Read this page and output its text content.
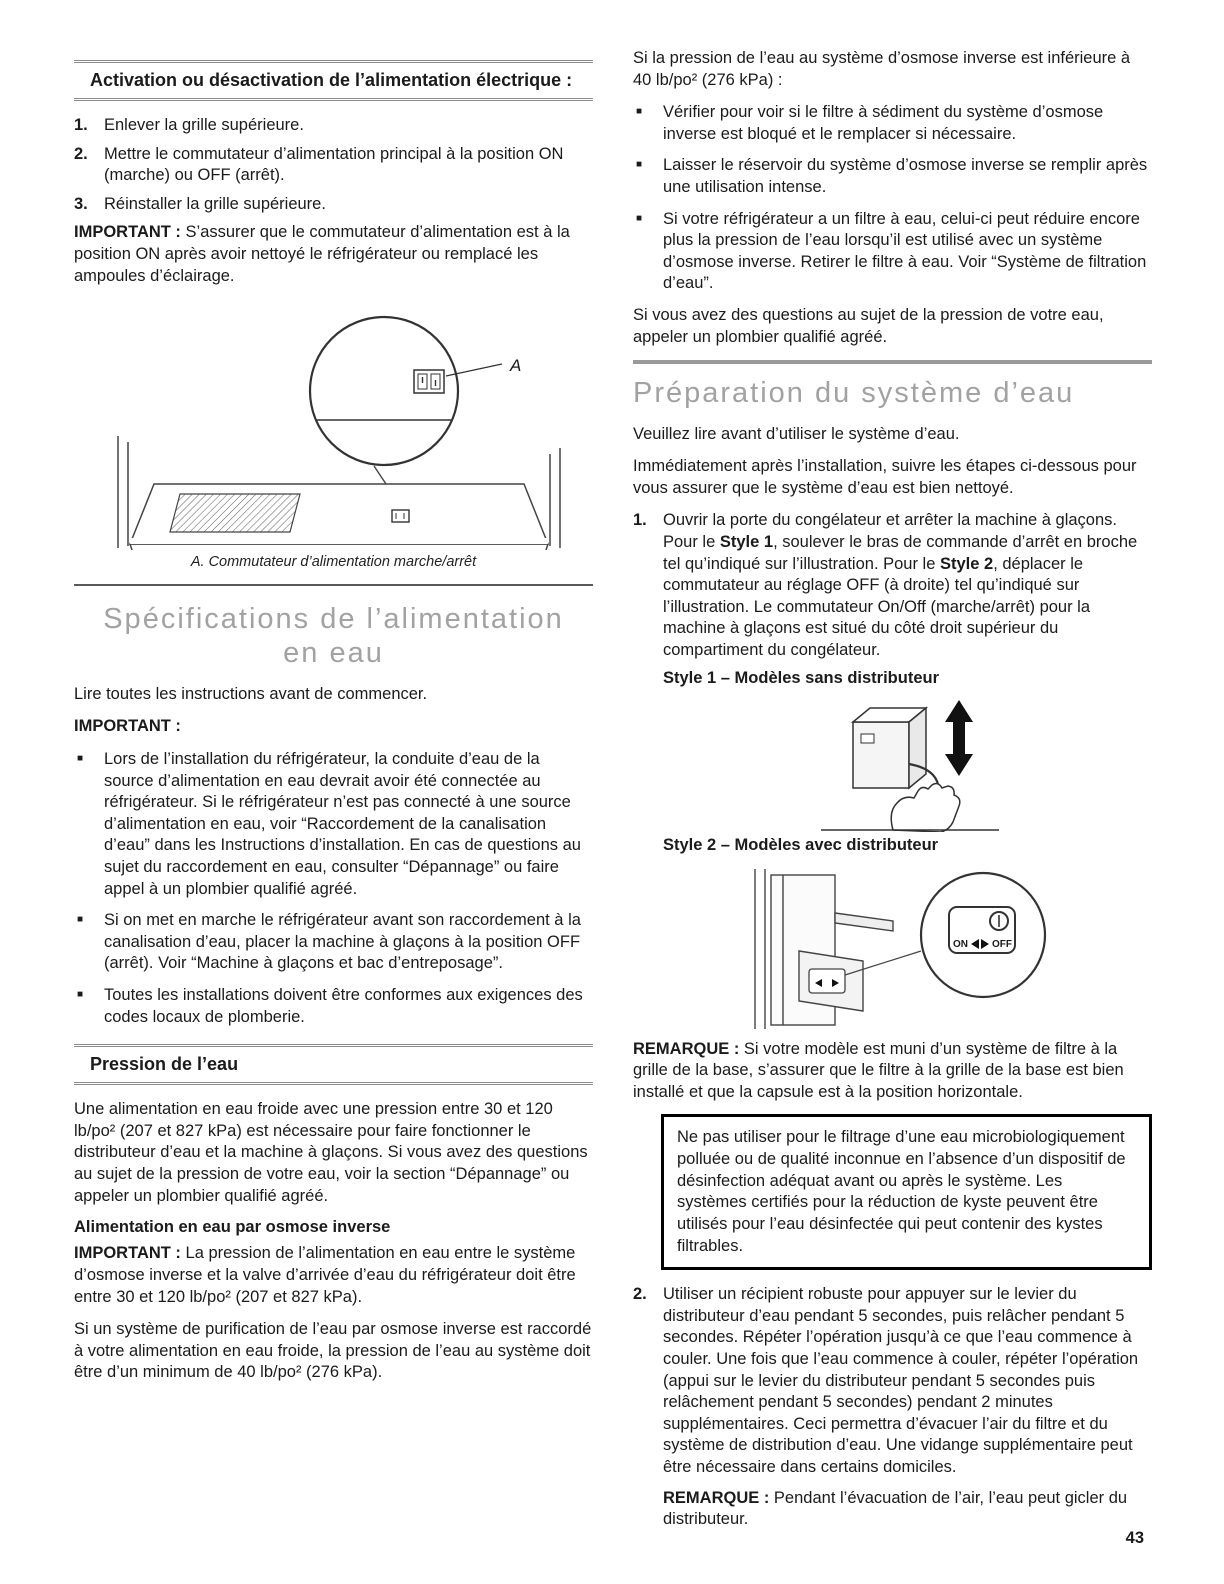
Activation ou désactivation de l’alimentation électrique :
1. Enlever la grille supérieure.

2. Mettre le commutateur d’alimentation principal à la position ON (marche) ou OFF (arrêt).

3. Réinstaller la grille supérieure.

IMPORTANT : S’assurer que le commutateur d’alimentation est à la position ON après avoir nettoyé le réfrigérateur ou remplacé les ampoules d’éclairage.

A

A. Commutateur d’alimentation marche/arrêt

Spécifications de l’alimentation
en eau

Lire toutes les instructions avant de commencer.

IMPORTANT :

■	Lors de l’installation du réfrigérateur, la conduite d’eau de la source d’alimentation en eau devrait avoir été connectée au réfrigérateur. Si le réfrigérateur n’est pas connecté à une source d’alimentation en eau, voir “Raccordement de la canalisation d’eau” dans les Instructions d’installation. En cas de questions au sujet du raccordement en eau, consulter “Dépannage” ou faire appel à un plombier qualifié agréé.

■	Si on met en marche le réfrigérateur avant son raccordement à la canalisation d’eau, placer la machine à glaçons à la position OFF (arrêt). Voir “Machine à glaçons et bac d’entreposage”.

■	Toutes les installations doivent être conformes aux exigences des codes locaux de plomberie.

Pression de l’eau

Une alimentation en eau froide avec une pression entre 30 et 120 lb/po² (207 et 827 kPa) est nécessaire pour faire fonctionner le distributeur d’eau et la machine à glaçons. Si vous avez des questions au sujet de la pression de votre eau, voir la section “Dépannage” ou appeler un plombier qualifié agréé.

Alimentation en eau par osmose inverse

IMPORTANT : La pression de l’alimentation en eau entre le système d’osmose inverse et la valve d’arrivée d’eau du réfrigérateur doit être entre 30 et 120 lb/po² (207 et 827 kPa).

Si un système de purification de l’eau par osmose inverse est raccordé à votre alimentation en eau froide, la pression de l’eau au système doit être d’un minimum de 40 lb/po² (276 kPa).

Si la pression de l’eau au système d’osmose inverse est inférieure à 40 lb/po² (276 kPa) :

■	Vérifier pour voir si le filtre à sédiment du système d’osmose inverse est bloqué et le remplacer si nécessaire.

■	Laisser le réservoir du système d’osmose inverse se remplir après une utilisation intense.

■	Si votre réfrigérateur a un filtre à eau, celui-ci peut réduire encore plus la pression de l’eau lorsqu’il est utilisé avec un système d’osmose inverse. Retirer le filtre à eau. Voir “Système de filtration d’eau”.

Si vous avez des questions au sujet de la pression de votre eau, appeler un plombier qualifié agréé.

Préparation du système d’eau

Veuillez lire avant d’utiliser le système d’eau.

Immédiatement après l’installation, suivre les étapes ci-dessous pour vous assurer que le système d’eau est bien nettoyé.

1. Ouvrir la porte du congélateur et arrêter la machine à glaçons. Pour le Style 1, soulever le bras de commande d’arrêt en broche tel qu’indiqué sur l’illustration. Pour le Style 2, déplacer le commutateur au réglage OFF (à droite) tel qu’indiqué sur l’illustration. Le commutateur On/Off (marche/arrêt) pour la machine à glaçons est situé du côté droit supérieur du compartiment du congélateur.

Style 1 – Modèles sans distributeur
Style 2 – Modèles avec distributeur
ON OFF

REMARQUE : Si votre modèle est muni d’un système de filtre à la grille de la base, s’assurer que le filtre à la grille de la base est bien installé et que la capsule est à la position horizontale.

Ne pas utiliser pour le filtrage d’une eau microbiologiquement polluée ou de qualité inconnue en l’absence d’un dispositif de désinfection adéquat avant ou après le système. Les systèmes certifiés pour la réduction de kyste peuvent être utilisés pour l’eau désinfectée qui peut contenir des kystes filtrables.
2. Utiliser un récipient robuste pour appuyer sur le levier du distributeur d’eau pendant 5 secondes, puis relâcher pendant 5 secondes. Répéter l’opération jusqu’à ce que l’eau commence à couler. Une fois que l’eau commence à couler, répéter l’opération (appui sur le levier du distributeur pendant 5 secondes puis relâchement pendant 5 secondes) pendant 2 minutes supplémentaires. Ceci permettra d’évacuer l’air du filtre et du système de distribution d’eau. Une vidange supplémentaire peut être nécessaire dans certains domiciles.

REMARQUE : Pendant l’évacuation de l’air, l’eau peut gicler du distributeur.

43
